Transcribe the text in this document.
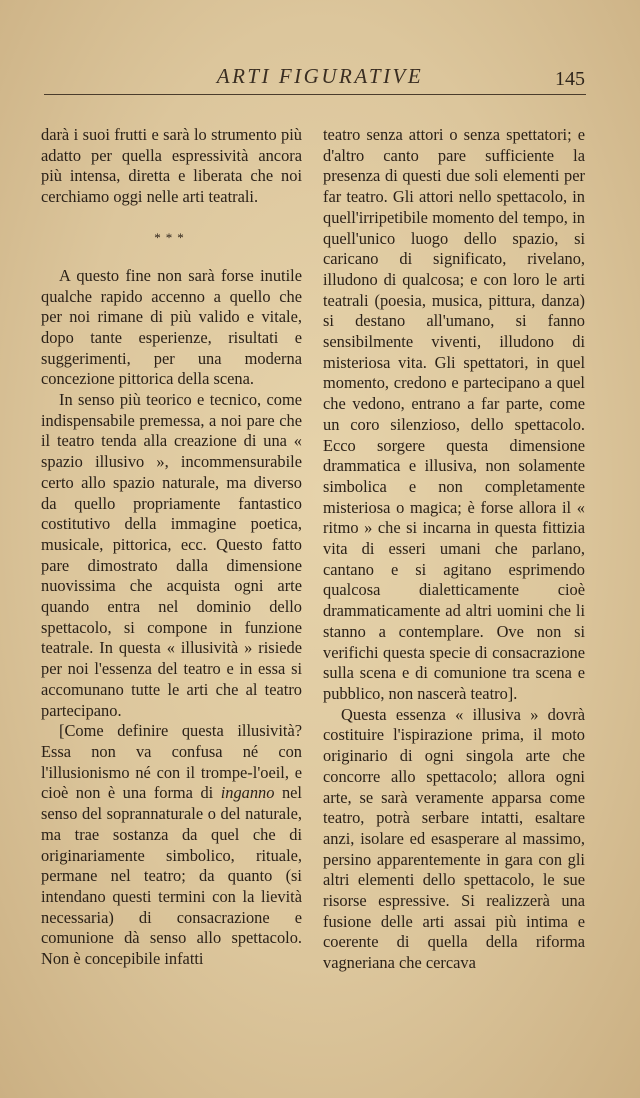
ARTI FIGURATIVE	145

darà i suoi frutti e sarà lo strumento più adatto per quella espressività ancora più intensa, diretta e liberata che noi cerchiamo oggi nelle arti teatrali.

***

A questo fine non sarà forse inutile qualche rapido accenno a quello che per noi rimane di più valido e vitale, dopo tante esperienze, risultati e suggerimenti, per una moderna concezione pittorica della scena.

In senso più teorico e tecnico, come indispensabile premessa, a noi pare che il teatro tenda alla creazione di una « spazio illusivo », incommensurabile certo allo spazio naturale, ma diverso da quello propriamente fantastico costitutivo della immagine poetica, musicale, pittorica, ecc. Questo fatto pare dimostrato dalla dimensione nuovissima che acquista ogni arte quando entra nel dominio dello spettacolo, si compone in funzione teatrale. In questa « illusività » risiede per noi l'essenza del teatro e in essa si accomunano tutte le arti che al teatro partecipano.

[Come definire questa illusività? Essa non va confusa né con l'illusionismo né con il trompe-l'oeil, e cioè non è una forma di inganno nel senso del soprannaturale o del naturale, ma trae sostanza da quel che di originariamente simbolico, rituale, permane nel teatro; da quanto (si intendano questi termini con la lievità necessaria) di consacrazione e comunione dà senso allo spettacolo. Non è concepibile infatti

teatro senza attori o senza spettatori; e d'altro canto pare sufficiente la presenza di questi due soli elementi per far teatro. Gli attori nello spettacolo, in quell'irripetibile momento del tempo, in quell'unico luogo dello spazio, si caricano di significato, rivelano, illudono di qualcosa; e con loro le arti teatrali (poesia, musica, pittura, danza) si destano all'umano, si fanno sensibilmente viventi, illudono di misteriosa vita. Gli spettatori, in quel momento, credono e partecipano a quel che vedono, entrano a far parte, come un coro silenzioso, dello spettacolo. Ecco sorgere questa dimensione drammatica e illusiva, non solamente simbolica e non completamente misteriosa o magica; è forse allora il « ritmo » che si incarna in questa fittizia vita di esseri umani che parlano, cantano e si agitano esprimendo qualcosa dialetticamente cioè drammaticamente ad altri uomini che li stanno a contemplare. Ove non si verifichi questa specie di consacrazione sulla scena e di comunione tra scena e pubblico, non nascerà teatro].

Questa essenza « illusiva » dovrà costituire l'ispirazione prima, il moto originario di ogni singola arte che concorre allo spettacolo; allora ogni arte, se sarà veramente apparsa come teatro, potrà serbare intatti, esaltare anzi, isolare ed esasperare al massimo, persino apparentemente in gara con gli altri elementi dello spettacolo, le sue risorse espressive. Si realizzerà una fusione delle arti assai più intima e coerente di quella della riforma vagneriana che cercava
